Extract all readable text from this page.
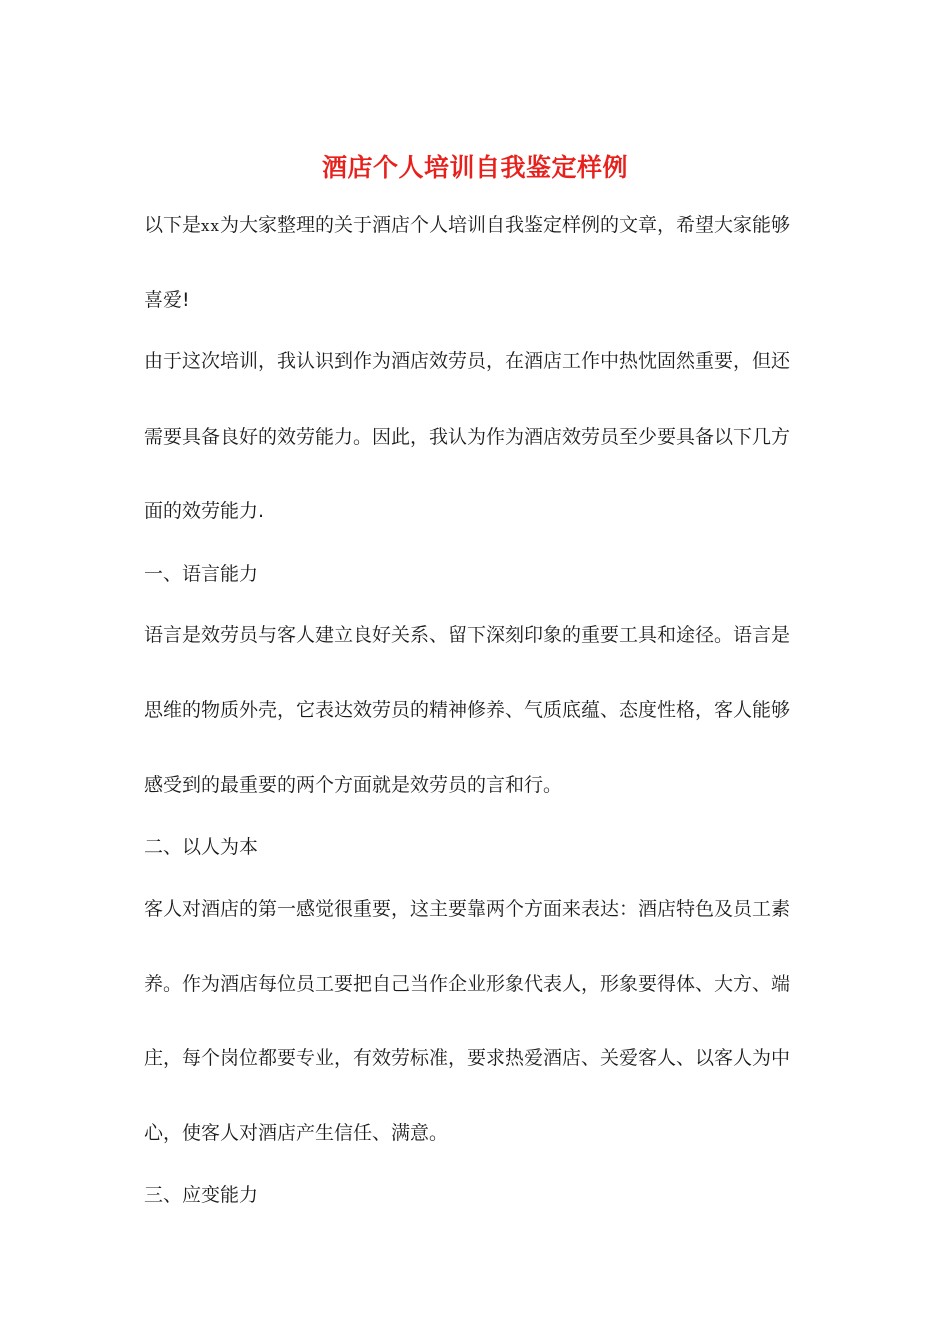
酒店个人培训自我鉴定样例

以下是xx为大家整理的关于酒店个人培训自我鉴定样例的文章，希望大家能够

喜爱!

由于这次培训，我认识到作为酒店效劳员，在酒店工作中热忱固然重要，但还

需要具备良好的效劳能力。因此，我认为作为酒店效劳员至少要具备以下几方

面的效劳能力.

一、语言能力

语言是效劳员与客人建立良好关系、留下深刻印象的重要工具和途径。语言是

思维的物质外壳，它表达效劳员的精神修养、气质底蕴、态度性格，客人能够

感受到的最重要的两个方面就是效劳员的言和行。

二、以人为本

客人对酒店的第一感觉很重要，这主要靠两个方面来表达：酒店特色及员工素

养。作为酒店每位员工要把自己当作企业形象代表人，形象要得体、大方、端

庄，每个岗位都要专业，有效劳标准，要求热爱酒店、关爱客人、以客人为中

心，使客人对酒店产生信任、满意。

三、应变能力
